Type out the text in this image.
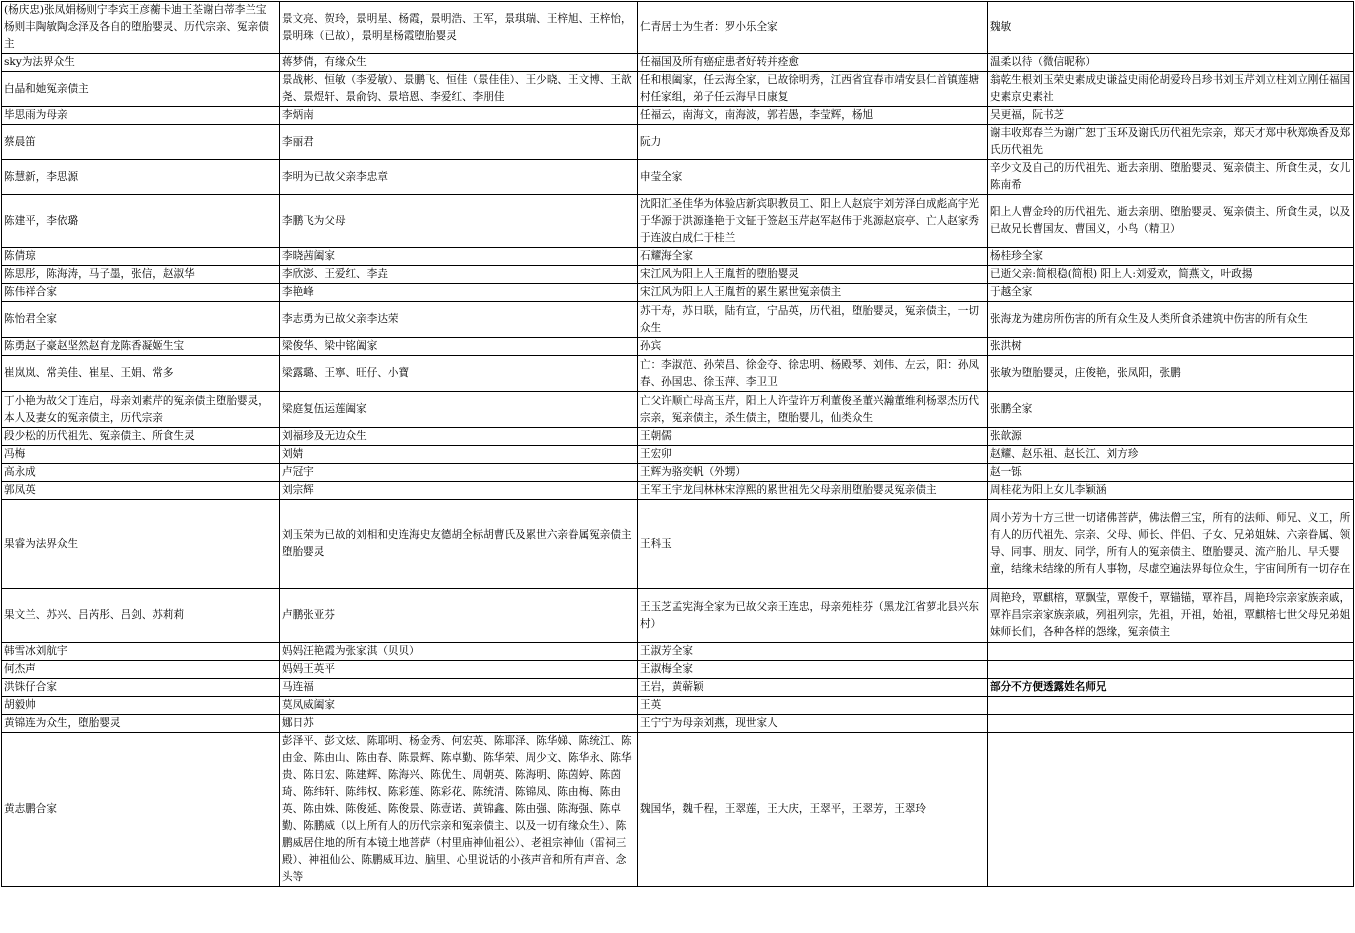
(杨庆忠)张凤娟杨则宁李宾王彦蘅卡迪王荃谢白蒂李兰宝杨则丰陶敏陶念泽及各自的堕胎婴灵、历代宗亲、冤亲债主	景文亮、贺玲，景明星、杨霞，景明浩、王军，景琪瑞、王梓旭、王梓怡，景明珠（已故），景明星杨霞堕胎婴灵	仁青居士为生者：罗小乐全家	魏敏
sky为法界众生	蒋梦倩，有缘众生	任福国及所有癌症患者好转并痊愈	温柔以待（微信昵称）
白晶和她冤亲债主	景战彬、恒敏（李爱敏）、景鹏飞、恒佳（景佳佳）、王少晓、王文博、王歆尧、景煜轩、景俞钧、景培恩、李爱红、李朋佳	任和根阖家，任云海全家，已故徐明秀，江西省宜春市靖安县仁首镇莲塘村任家组，弟子任云海早日康复	翁乾生根刘玉荣史素成史谦益史雨伦胡爱玲吕珍书刘玉芹刘立柱刘立刚任福国史素京史素社
毕思雨为母亲	李炳南	任福云，南海文，南海波，郭若愚，李莹辉，杨旭	吴更福，阮书芝
蔡晨笛	李丽君	阮力	谢丰收郑春兰为谢广恕丁玉环及谢氏历代祖先宗亲，郑天才郑中秋郑焕香及郑氏历代祖先
陈慧新，李思源	李明为已故父亲李忠章	申莹全家	辛少文及自己的历代祖先、逝去亲朋、堕胎婴灵、冤亲债主、所食生灵，女儿陈南希
陈建平，李依璐	李鹏飞为父母	沈阳汇圣佳华为体验店新宾职教员工、阳上人赵宸宇刘芳泽白成彪高宇光于华源于洪源逢艳于文钲于签赵玉芹赵军赵伟于兆源赵宸亭、亡人赵家秀于连波白成仁于桂兰	阳上人曹金玲的历代祖先、逝去亲朋、堕胎婴灵、冤亲债主、所食生灵，以及已故兄长曹国友、曹国义，小鸟（精卫）
陈倩琼	李晓茜阖家	石耀海全家	杨桂珍全家
陈思彤，陈海涛，马子墨，张信，赵淑华	李欣澎、王爱红、李垚	宋江风为阳上人王胤哲的堕胎婴灵	已逝父亲:简根稳(简根) 阳上人:刘爱欢，简燕文，叶政揚
陈伟祥合家	李艳峰	宋江风为阳上人王胤哲的累生累世冤亲债主	于越全家
陈怡君全家	李志勇为已故父亲李达荣	苏干寿，苏日联，陆有宣，宁品英，历代祖，堕胎婴灵，冤亲债主，一切众生	张海龙为建房所伤害的所有众生及人类所食杀建筑中伤害的所有众生
陈勇赵子豪赵坚然赵育龙陈香凝姬生宝	梁俊华、梁中铭阖家	孙宾	张洪树
崔岚岚、常美佳、崔星、王娟、常多	梁露璐、王寧、旺仔、小寶	亡：李淑范、孙荣昌、徐金夺、徐忠明、杨殿琴、刘伟、左云，阳：孙凤春、孙国忠、徐玉萍、李卫卫	张敏为堕胎婴灵，庄俊艳，张凤阳，张鹏
丁小艳为故父丁连启，母亲刘素芹的冤亲债主堕胎婴灵，本人及妻女的冤亲债主，历代宗亲	梁庭复伍运莲阖家	亡父许顺亡母高玉芹，阳上人许莹许万利董俊圣董兴瀚董维利杨翠杰历代宗亲，冤亲债主，杀生债主，堕胎婴儿，仙类众生	张鹏全家
段少松的历代祖先、冤亲债主、所食生灵	刘福珍及无边众生	王朝儒	张歆源
冯梅	刘婧	王宏卯	赵耀、赵乐祖、赵长江、刘方珍
高永成	卢冠宇	王辉为骆奕帆（外甥）	赵一铄
郭凤英	刘宗辉	王军王宇龙闫林林宋淳熙的累世祖先父母亲朋堕胎婴灵冤亲债主	周桂花为阳上女儿李颖涵
果睿为法界众生	刘玉荣为已故的刘相和史连海史友德胡全标胡曹氏及累世六亲眷属冤亲债主堕胎婴灵	王科玉	周小芳为十方三世一切诸佛菩萨，佛法僧三宝，所有的法师、师兄、义工，所有人的历代祖先、宗亲、父母、师长、伴侣、子女、兄弟姐妹、六亲眷属、领导、同事、朋友、同学，所有人的冤亲债主、堕胎婴灵、流产胎儿、早夭婴童，结缘未结缘的所有人事物，尽虚空遍法界每位众生，宇宙间所有一切存在
果文兰、苏兴、吕芮彤、吕剑、苏莉莉	卢鹏张亚芬	王玉芝孟宪海全家为已故父亲王连忠，母亲苑桂芬（黑龙江省萝北县兴东村）	周艳玲，覃麒榕，覃飘莹，覃俊千，覃锚锚，覃祚昌，周艳玲宗亲家族亲戚，覃祚昌宗亲家族亲戚，列祖列宗，先祖，开祖，始祖，覃麒榕七世父母兄弟姐妹师长们，各种各样的怨缘，冤亲债主
韩雪冰刘航宇	妈妈汪艳霞为张家淇（贝贝）	王淑芳全家	
何杰声	妈妈王英平	王淑梅全家	
洪铢仔合家	马连福	王岩，黄蕲颖	部分不方便透露姓名师兄
胡毅帅	莫凤威阖家	王英	
黄锦连为众生，堕胎婴灵	娜日苏	王宁宁为母亲刘燕，现世家人	
黄志鹏合家	彭泽平、彭文炫、陈耶明、杨金秀、何宏英、陈耶泽、陈华娣、陈统江、陈由金、陈由山、陈由春、陈景辉、陈卓勤、陈华荣、周少文、陈华永、陈华贵、陈日宏、陈建辉、陈海兴、陈优生、周朝英、陈海明、陈茵婷、陈茵琦、陈纬轩、陈纬权、陈彩莲、陈彩花、陈统清、陈锦凤、陈由梅、陈由英、陈由姝、陈俊延、陈俊景、陈壹诺、黄锦鑫、陈由强、陈海强、陈卓勤、陈鹏威（以上所有人的历代宗亲和冤亲债主、以及一切有缘众生）、陈鹏威居住地的所有本镜土地菩萨（村里庙神仙祖公）、老祖宗神仙（雷祠三殿）、神祖仙公、陈鹏威耳边、脑里、心里说话的小孩声音和所有声音、念头等	魏国华，魏千程，王翠莲，王大庆，王翠平，王翠芳，王翠玲	
